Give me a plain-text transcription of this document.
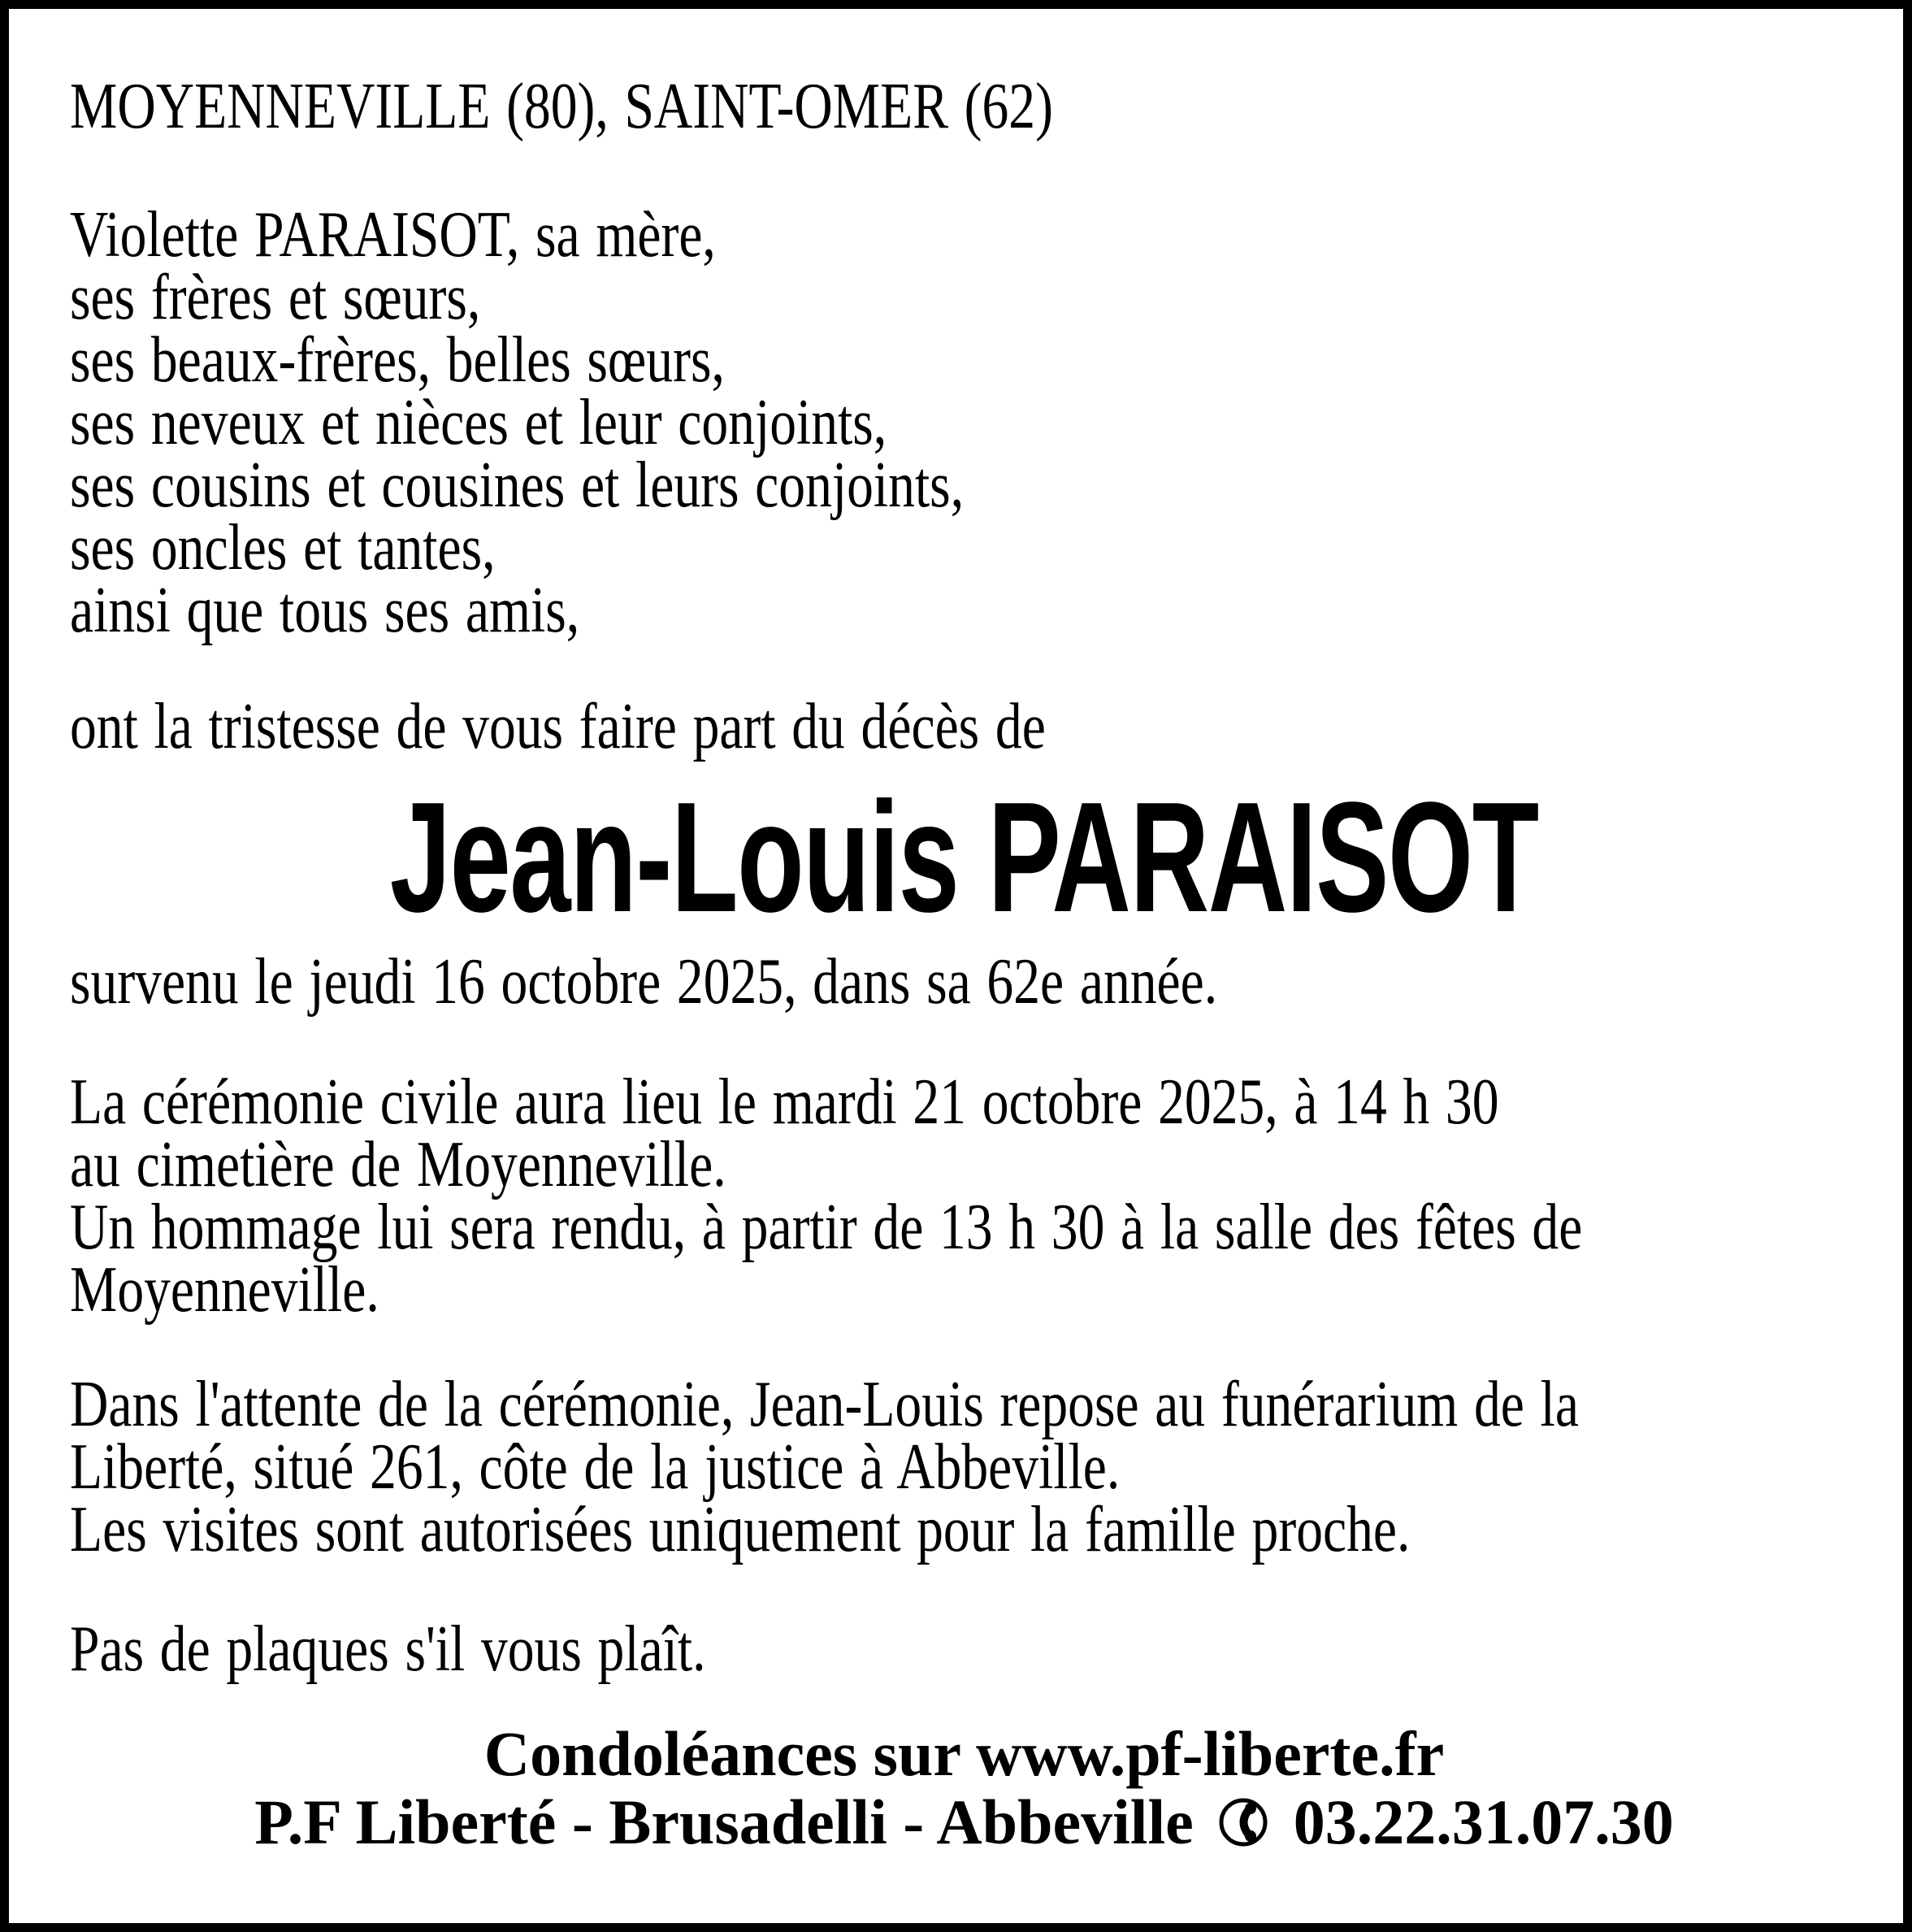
MOYENNEVILLE (80), SAINT-OMER (62)
Violette PARAISOT, sa mère,
ses frères et sœurs,
ses beaux-frères, belles sœurs,
ses neveux et nièces et leur conjoints,
ses cousins et cousines et leurs conjoints,
ses oncles et tantes,
ainsi que tous ses amis,
ont la tristesse de vous faire part du décès de
Jean-Louis PARAISOT
survenu le jeudi 16 octobre 2025, dans sa 62e année.
La cérémonie civile aura lieu le mardi 21 octobre 2025, à 14 h 30
au cimetière de Moyenneville.
Un hommage lui sera rendu, à partir de 13 h 30 à la salle des fêtes de
Moyenneville.
Dans l'attente de la cérémonie, Jean-Louis repose au funérarium de la
Liberté, situé 261, côte de la justice à Abbeville.
Les visites sont autorisées uniquement pour la famille proche.
Pas de plaques s'il vous plaît.
Condoléances sur www.pf-liberte.fr
P.F Liberté - Brusadelli - Abbeville 03.22.31.07.30
